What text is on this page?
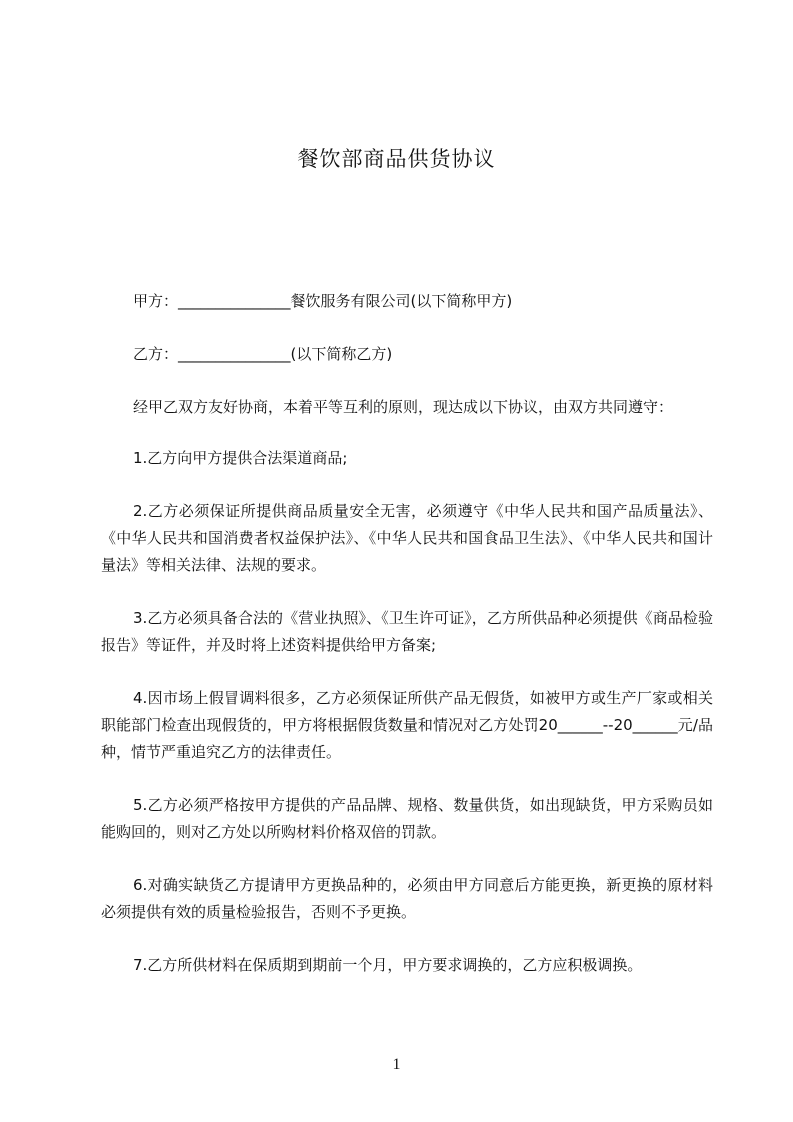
餐饮部商品供货协议

甲方：_______________餐饮服务有限公司(以下简称甲方)

乙方：_______________(以下简称乙方)

经甲乙双方友好协商，本着平等互利的原则，现达成以下协议，由双方共同遵守：

1.乙方向甲方提供合法渠道商品;

2.乙方必须保证所提供商品质量安全无害，必须遵守《中华人民共和国产品质量法》、《中华人民共和国消费者权益保护法》、《中华人民共和国食品卫生法》、《中华人民共和国计量法》等相关法律、法规的要求。

3.乙方必须具备合法的《营业执照》、《卫生许可证》，乙方所供品种必须提供《商品检验报告》等证件，并及时将上述资料提供给甲方备案;

4.因市场上假冒调料很多，乙方必须保证所供产品无假货，如被甲方或生产厂家或相关职能部门检查出现假货的，甲方将根据假货数量和情况对乙方处罚20______--20______元/品种，情节严重追究乙方的法律责任。

5.乙方必须严格按甲方提供的产品品牌、规格、数量供货，如出现缺货，甲方采购员如能购回的，则对乙方处以所购材料价格双倍的罚款。

6.对确实缺货乙方提请甲方更换品种的，必须由甲方同意后方能更换，新更换的原材料必须提供有效的质量检验报告，否则不予更换。

7.乙方所供材料在保质期到期前一个月，甲方要求调换的，乙方应积极调换。

1
